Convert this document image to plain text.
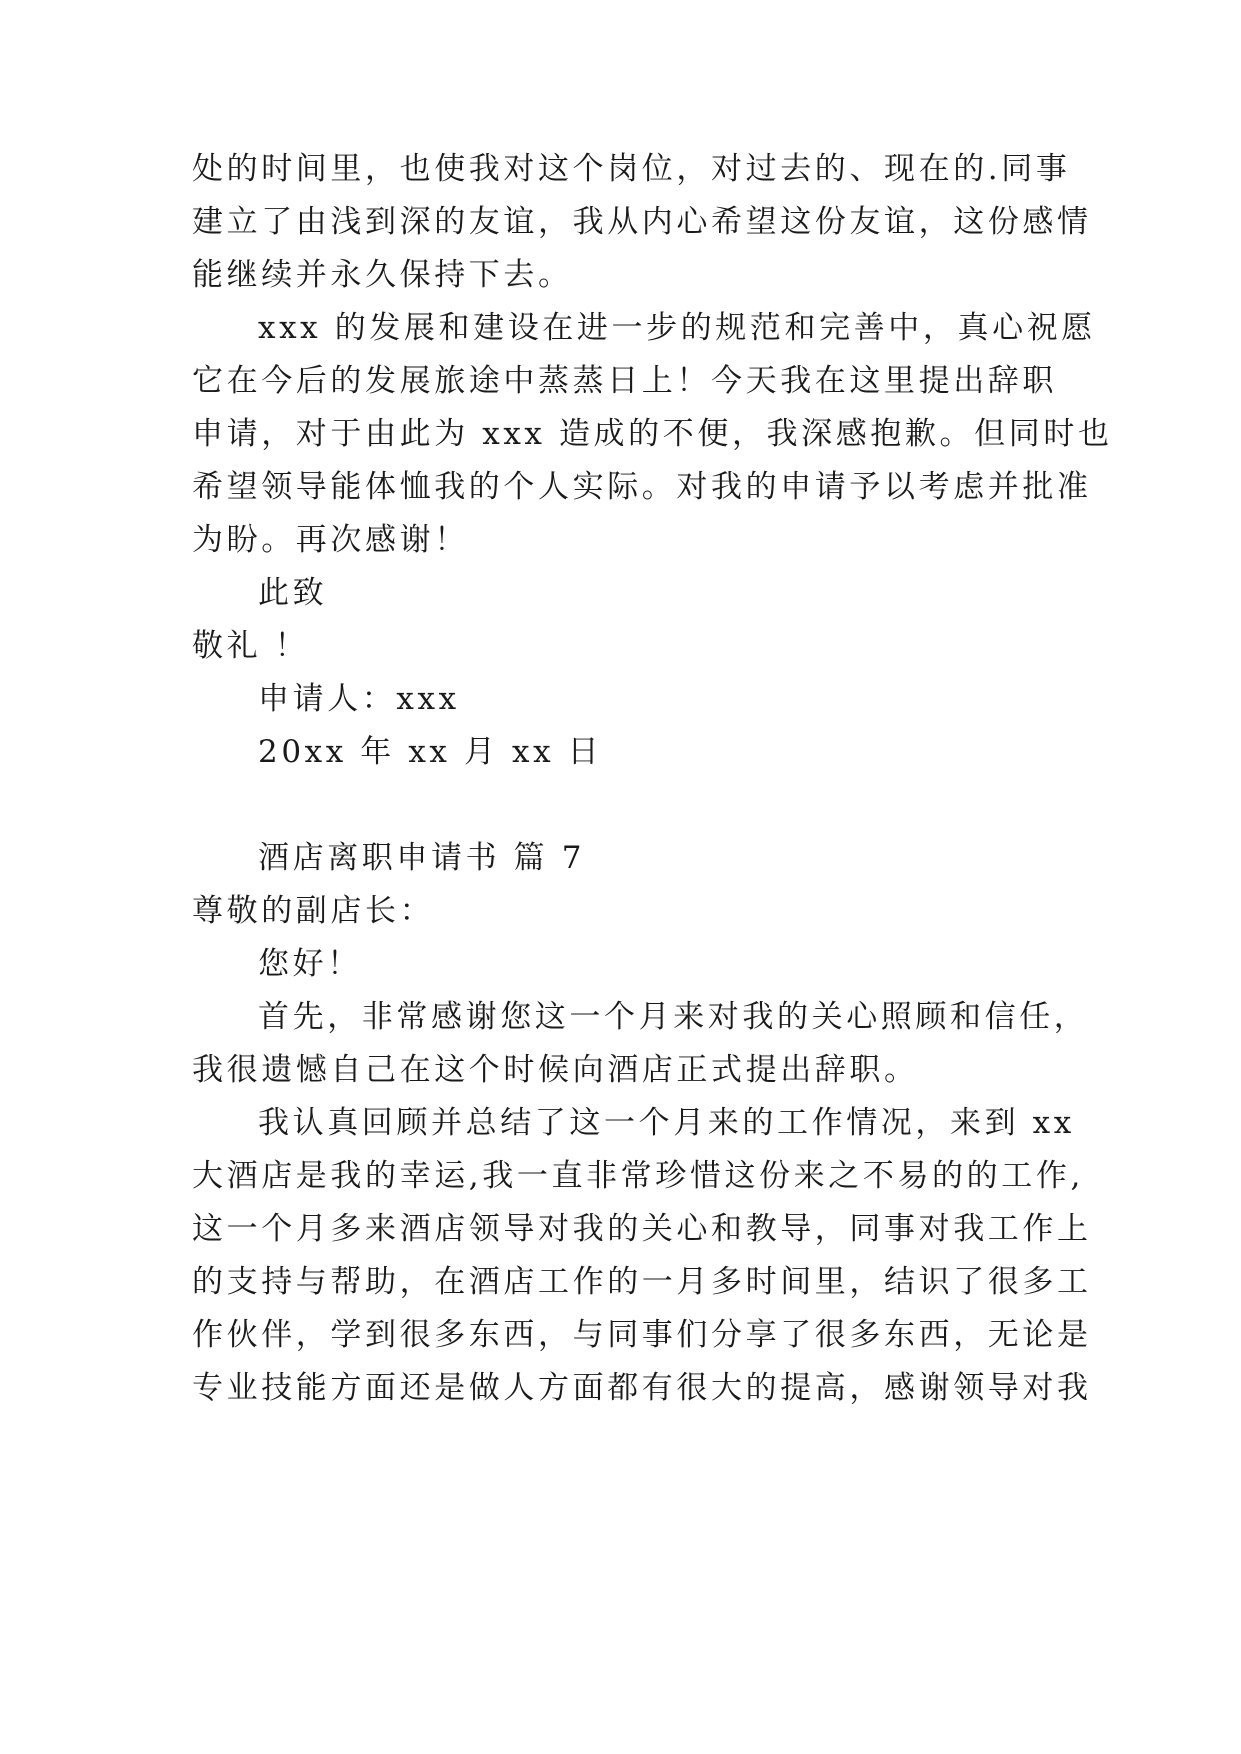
处的时间里，也使我对这个岗位，对过去的、现在的.同事
建立了由浅到深的友谊，我从内心希望这份友谊，这份感情
能继续并永久保持下去。
xxx 的发展和建设在进一步的规范和完善中，真心祝愿
它在今后的发展旅途中蒸蒸日上！今天我在这里提出辞职
申请，对于由此为 xxx 造成的不便，我深感抱歉。但同时也
希望领导能体恤我的个人实际。对我的申请予以考虑并批准
为盼。再次感谢！
此致
敬礼 ！
申请人：xxx
20xx 年 xx 月 xx 日
酒店离职申请书 篇 7
尊敬的副店长：
您好！
首先，非常感谢您这一个月来对我的关心照顾和信任，
我很遗憾自己在这个时候向酒店正式提出辞职。
我认真回顾并总结了这一个月来的工作情况，来到 xx
大酒店是我的幸运,我一直非常珍惜这份来之不易的的工作,
这一个月多来酒店领导对我的关心和教导，同事对我工作上
的支持与帮助，在酒店工作的一月多时间里，结识了很多工
作伙伴，学到很多东西，与同事们分享了很多东西，无论是
专业技能方面还是做人方面都有很大的提高，感谢领导对我
